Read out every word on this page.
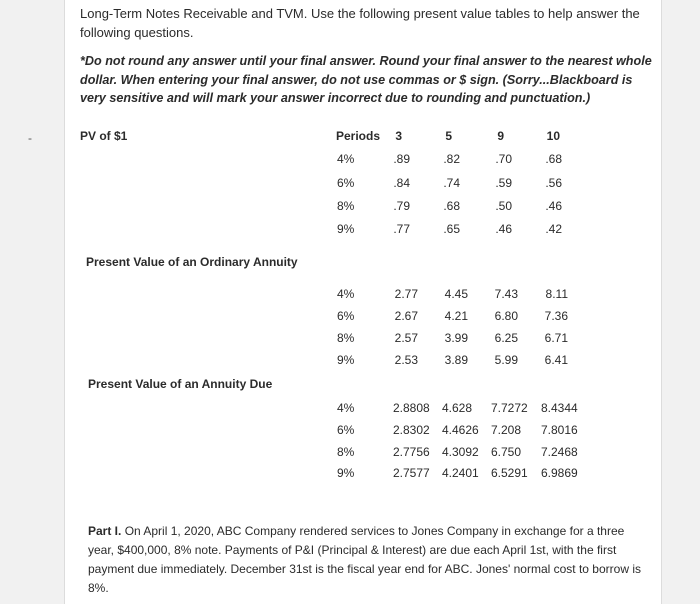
-
Long-Term Notes Receivable and TVM. Use the following present value tables to help answer the following questions.
*Do not round any answer until your final answer. Round your final answer to the nearest whole dollar. When entering your final answer, do not use commas or $ sign. (Sorry...Blackboard is very sensitive and will mark your answer incorrect due to rounding and punctuation.)
PV of $1	Periods	3	5	9	10
4%	.89	.82	.70	.68
6%	.84	.74	.59	.56
8%	.79	.68	.50	.46
9%	.77	.65	.46	.42
Present Value of an Ordinary Annuity
4%	2.77	4.45	7.43	8.11
6%	2.67	4.21	6.80	7.36
8%	2.57	3.99	6.25	6.71
9%	2.53	3.89	5.99	6.41
Present Value of an Annuity Due
4%	2.8808 4.628 7.7272 8.4344
6%	2.8302 4.4626 7.208 7.8016
8%	2.7756 4.3092 6.750 7.2468
9%	2.7577 4.2401 6.5291 6.9869
Part I. On April 1, 2020, ABC Company rendered services to Jones Company in exchange for a three year, $400,000, 8% note. Payments of P&I (Principal & Interest) are due each April 1st, with the first payment due immediately. December 31st is the fiscal year end for ABC. Jones' normal cost to borrow is 8%.
